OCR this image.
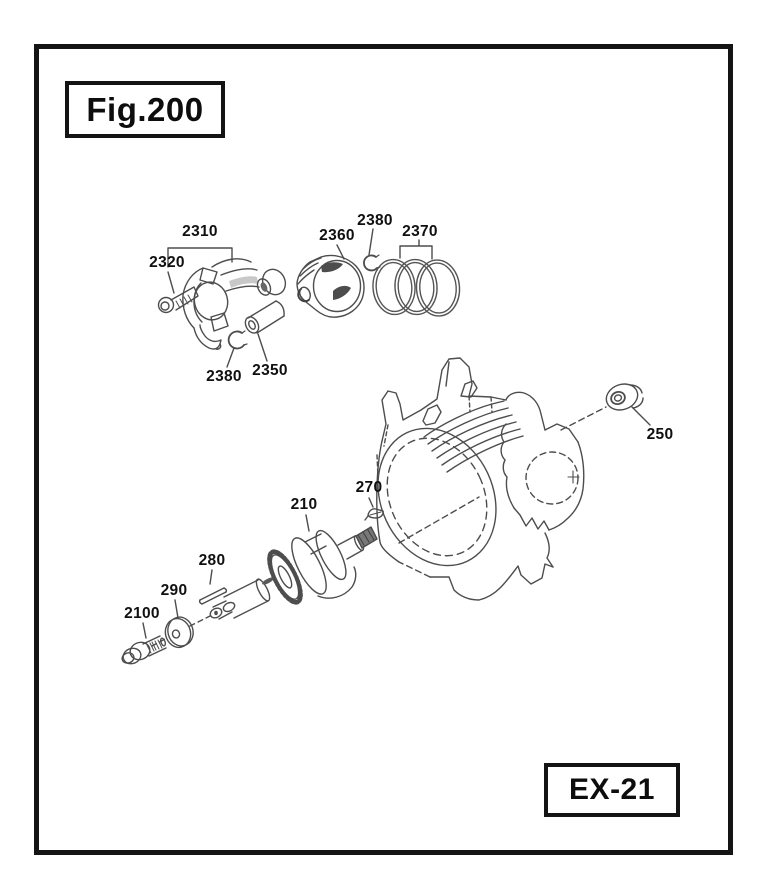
Fig.200
EX-21
2310
2320
2360
2380
2370
2380 2350
250
270
210
280
290
2100
